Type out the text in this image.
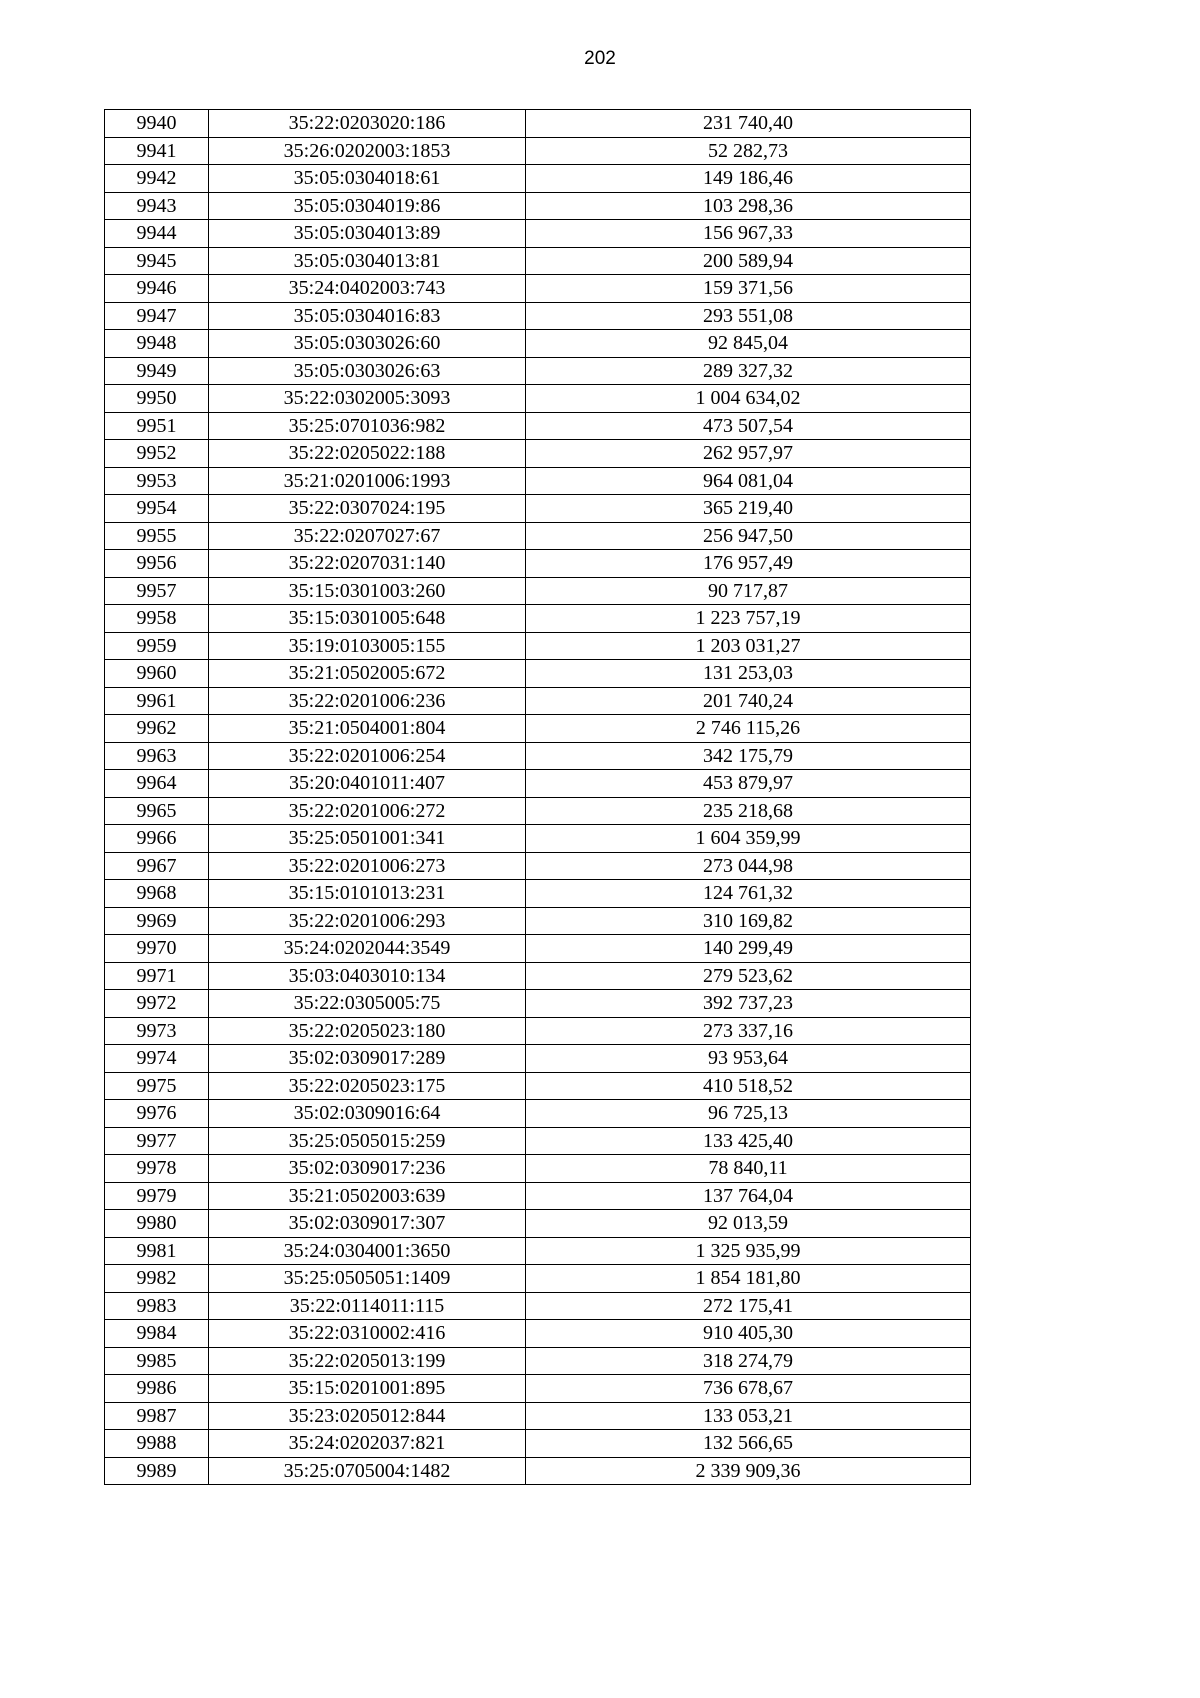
202
9940	35:22:0203020:186	231 740,40
9941	35:26:0202003:1853	52 282,73
9942	35:05:0304018:61	149 186,46
9943	35:05:0304019:86	103 298,36
9944	35:05:0304013:89	156 967,33
9945	35:05:0304013:81	200 589,94
9946	35:24:0402003:743	159 371,56
9947	35:05:0304016:83	293 551,08
9948	35:05:0303026:60	92 845,04
9949	35:05:0303026:63	289 327,32
9950	35:22:0302005:3093	1 004 634,02
9951	35:25:0701036:982	473 507,54
9952	35:22:0205022:188	262 957,97
9953	35:21:0201006:1993	964 081,04
9954	35:22:0307024:195	365 219,40
9955	35:22:0207027:67	256 947,50
9956	35:22:0207031:140	176 957,49
9957	35:15:0301003:260	90 717,87
9958	35:15:0301005:648	1 223 757,19
9959	35:19:0103005:155	1 203 031,27
9960	35:21:0502005:672	131 253,03
9961	35:22:0201006:236	201 740,24
9962	35:21:0504001:804	2 746 115,26
9963	35:22:0201006:254	342 175,79
9964	35:20:0401011:407	453 879,97
9965	35:22:0201006:272	235 218,68
9966	35:25:0501001:341	1 604 359,99
9967	35:22:0201006:273	273 044,98
9968	35:15:0101013:231	124 761,32
9969	35:22:0201006:293	310 169,82
9970	35:24:0202044:3549	140 299,49
9971	35:03:0403010:134	279 523,62
9972	35:22:0305005:75	392 737,23
9973	35:22:0205023:180	273 337,16
9974	35:02:0309017:289	93 953,64
9975	35:22:0205023:175	410 518,52
9976	35:02:0309016:64	96 725,13
9977	35:25:0505015:259	133 425,40
9978	35:02:0309017:236	78 840,11
9979	35:21:0502003:639	137 764,04
9980	35:02:0309017:307	92 013,59
9981	35:24:0304001:3650	1 325 935,99
9982	35:25:0505051:1409	1 854 181,80
9983	35:22:0114011:115	272 175,41
9984	35:22:0310002:416	910 405,30
9985	35:22:0205013:199	318 274,79
9986	35:15:0201001:895	736 678,67
9987	35:23:0205012:844	133 053,21
9988	35:24:0202037:821	132 566,65
9989	35:25:0705004:1482	2 339 909,36
